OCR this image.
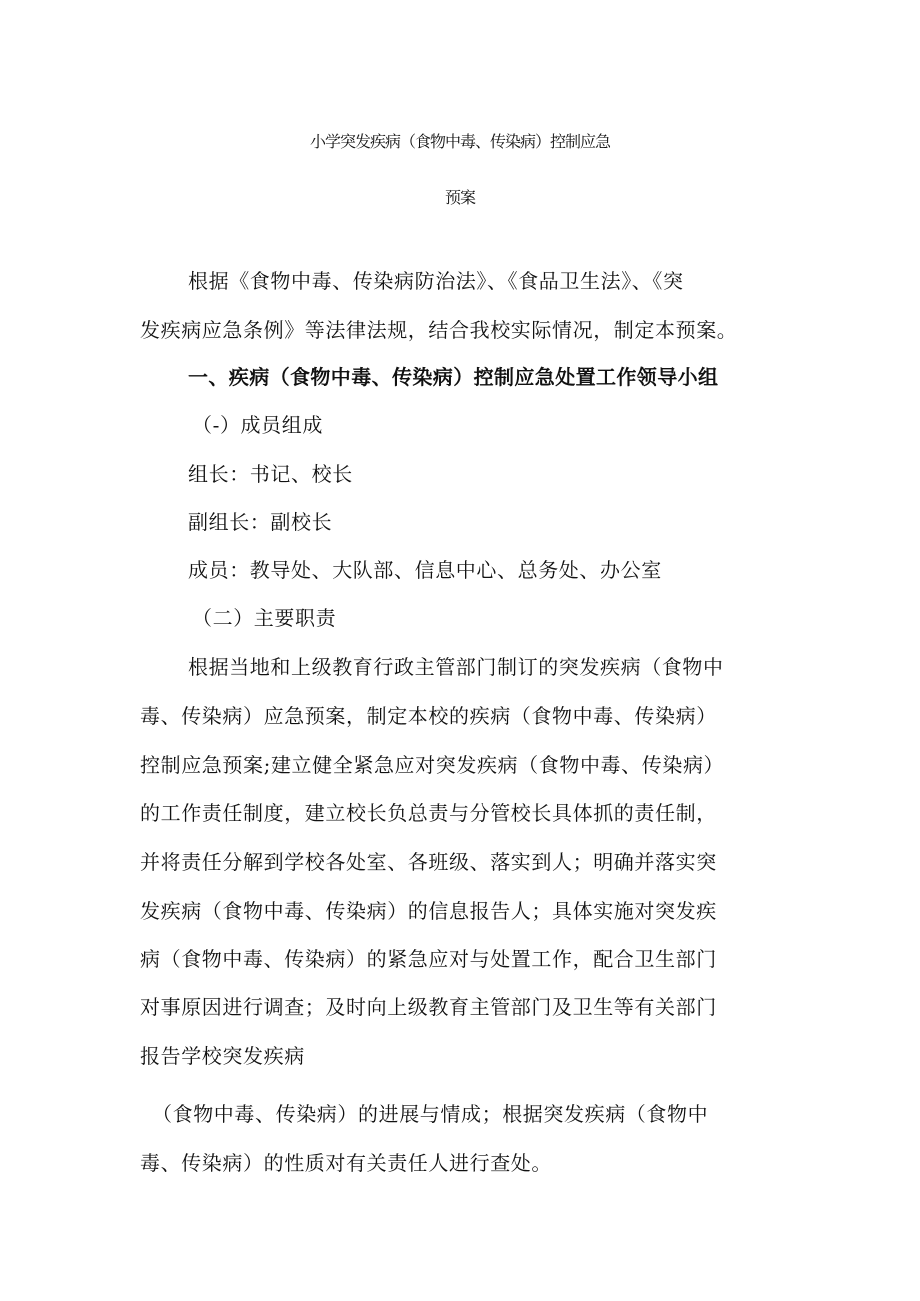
小学突发疾病（食物中毒、传染病）控制应急
预案

根据《食物中毒、传染病防治法》、《食品卫生法》、《突

发疾病应急条例》等法律法规，结合我校实际情况，制定本预案。

一、疾病（食物中毒、传染病）控制应急处置工作领导小组

（-）成员组成

组长：书记、校长

副组长：副校长

成员：教导处、大队部、信息中心、总务处、办公室

（二）主要职责

根据当地和上级教育行政主管部门制订的突发疾病（食物中

毒、传染病）应急预案，制定本校的疾病（食物中毒、传染病）

控制应急预案;建立健全紧急应对突发疾病（食物中毒、传染病）

的工作责任制度，建立校长负总责与分管校长具体抓的责任制，

并将责任分解到学校各处室、各班级、落实到人；明确并落实突

发疾病（食物中毒、传染病）的信息报告人；具体实施对突发疾

病（食物中毒、传染病）的紧急应对与处置工作，配合卫生部门

对事原因进行调查；及时向上级教育主管部门及卫生等有关部门

报告学校突发疾病

（食物中毒、传染病）的进展与情成；根据突发疾病（食物中

毒、传染病）的性质对有关责任人进行查处。
